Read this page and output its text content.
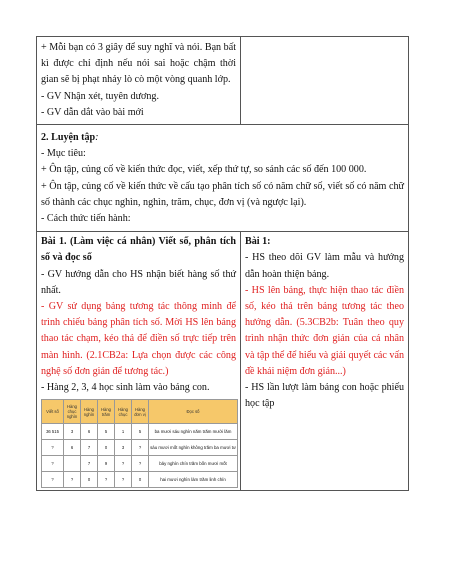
+ Mỗi bạn có 3 giây để suy nghĩ và nói. Bạn bất kì được chỉ định nếu nói sai hoặc chậm thời gian sẽ bị phạt nhảy lò cò một vòng quanh lớp.

- GV Nhận xét, tuyên dương.

- GV dẫn dắt vào bài mới

2. Luyện tập:

- Mục tiêu:

+ Ôn tập, củng cố về kiến thức đọc, viết, xếp thứ tự, so sánh các số đến 100 000.

+ Ôn tập, củng cố về kiến thức về cấu tạo phân tích số có năm chữ số, viết số có năm chữ số thành các chục nghìn, nghìn, trăm, chục, đơn vị (và ngược lại).

- Cách thức tiến hành:

Bài 1. (Làm việc cá nhân) Viết số, phân tích số và đọc số

- GV hướng dẫn cho HS nhận biết hàng số thứ nhất.

- GV sử dụng bảng tương tác thông minh để trình chiếu bảng phân tích số. Mời HS lên bảng thao tác chạm, kéo thả để điền số trực tiếp trên màn hình. (2.1CB2a: Lựa chọn được các công nghệ số đơn giản để tương tác.)

- Hàng 2, 3, 4 học sinh làm vào bảng con.

Viết số	Hàng chục nghìn	Hàng nghìn	Hàng trăm	Hàng chục	Hàng đơn vị	Đọc số
36 515	3	6	5	1	5	ba mươi sáu nghìn năm trăm mười lăm
?	6	7	0	3	?	sáu mươi mốt nghìn không trăm ba mươi tư
?		7	9	?	?	bảy nghìn chín trăm bốn mươi mốt
?	?	0	?	?	0	hai mươi nghìn làm trăm linh chín

Bài 1:

- HS theo dõi GV làm mẫu và hướng dẫn hoàn thiện bảng.

- HS lên bảng, thực hiện thao tác điền số, kéo thả trên bảng tương tác theo hướng dẫn. (5.3CB2b: Tuân theo quy trình nhận thức đơn giản của cá nhân và tập thể để hiểu và giải quyết các vấn đề khái niệm đơn giản...)

- HS lần lượt làm bảng con hoặc phiếu học tập
